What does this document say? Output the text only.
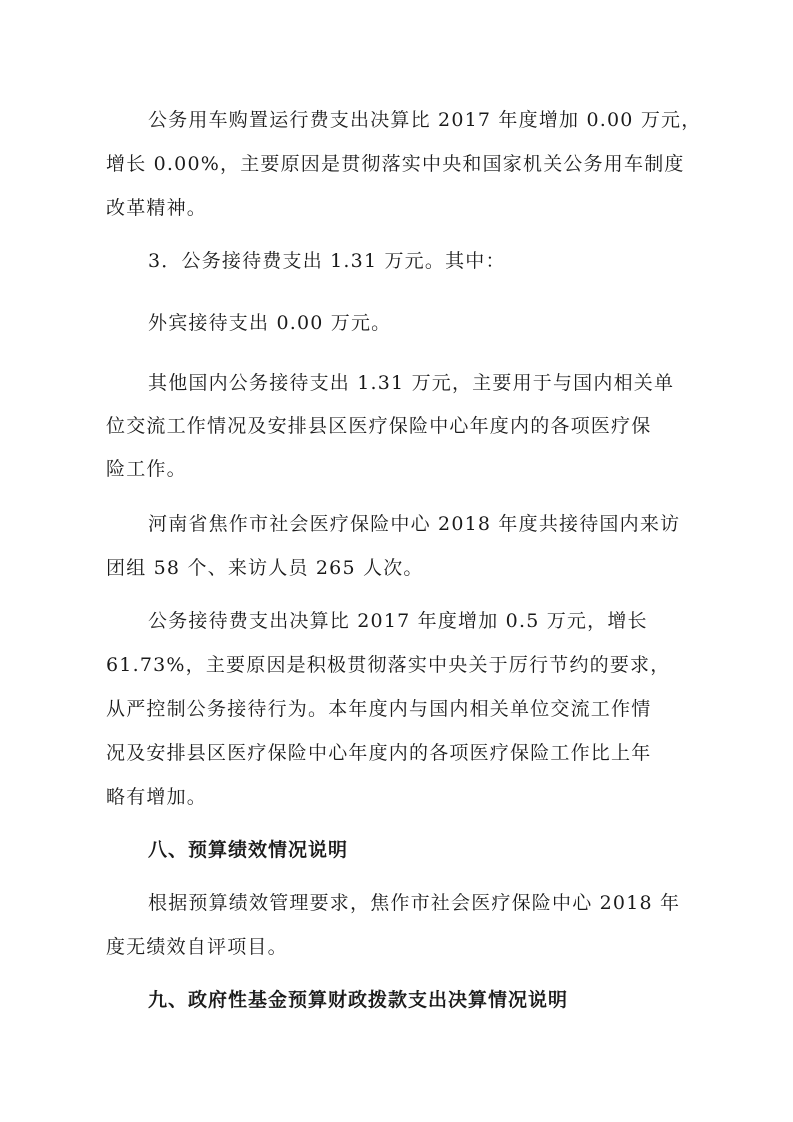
公务用车购置运行费支出决算比 2017 年度增加 0.00 万元，
增长 0.00%，主要原因是贯彻落实中央和国家机关公务用车制度
改革精神。
3．公务接待费支出 1.31 万元。其中：
外宾接待支出 0.00 万元。
其他国内公务接待支出 1.31 万元，主要用于与国内相关单
位交流工作情况及安排县区医疗保险中心年度内的各项医疗保
险工作。
河南省焦作市社会医疗保险中心 2018 年度共接待国内来访
团组 58 个、来访人员 265 人次。
公务接待费支出决算比 2017 年度增加 0.5 万元，增长
61.73%，主要原因是积极贯彻落实中央关于厉行节约的要求，
从严控制公务接待行为。本年度内与国内相关单位交流工作情
况及安排县区医疗保险中心年度内的各项医疗保险工作比上年
略有增加。
八、预算绩效情况说明
根据预算绩效管理要求，焦作市社会医疗保险中心 2018 年
度无绩效自评项目。
九、政府性基金预算财政拨款支出决算情况说明
